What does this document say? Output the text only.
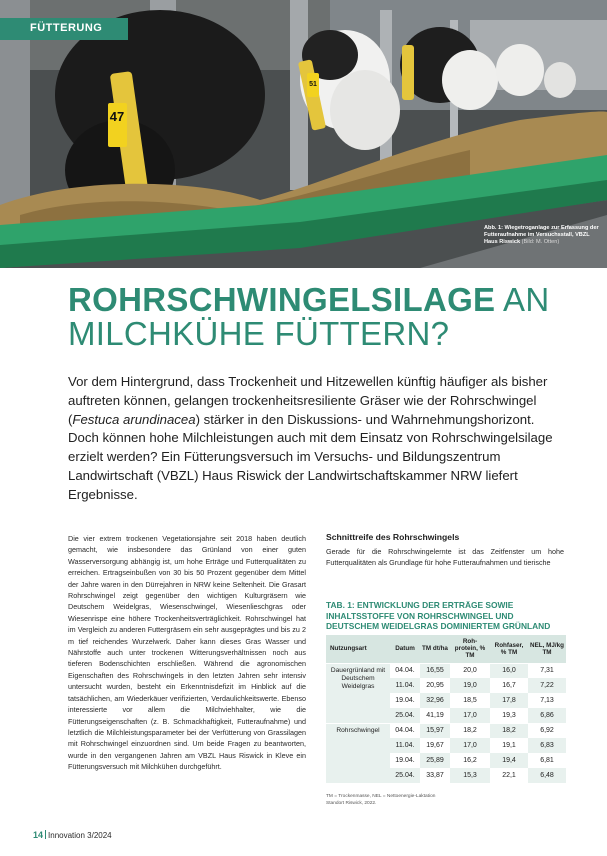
47
51
FÜTTERUNG
Abb. 1: Wiegetroganlage zur Erfassung der Futteraufnahme im Versuchsstall, VBZL Haus Riswick (Bild: M. Otten)
ROHRSCHWINGELSILAGE AN
MILCHKÜHE FÜTTERN?
Vor dem Hintergrund, dass Trockenheit und Hitzewellen künftig häufiger als bisher auftreten können, gelangen trockenheitsresiliente Gräser wie der Rohrschwingel (Festuca arundinacea) stärker in den Diskussions- und Wahrnehmungshorizont. Doch können hohe Milchleistungen auch mit dem Einsatz von Rohrschwingelsilage erzielt werden? Ein Fütterungsversuch im Versuchs- und Bildungszentrum Landwirtschaft (VBZL) Haus Riswick der Landwirtschaftskammer NRW liefert Ergebnisse.
Die vier extrem trockenen Vegetationsjahre seit 2018 haben deutlich gemacht, wie insbesondere das Grünland von einer guten Wasserversorgung abhängig ist, um hohe Erträge und Futterqualitäten zu erreichen. Ertragseinbußen von 30 bis 50 Prozent gegenüber dem Mittel der Jahre waren in den Dürrejahren in NRW keine Seltenheit. Die Grasart Rohrschwingel zeigt gegenüber den wichtigen Kulturgräsern wie Deutschem Weidelgras, Wiesenschwingel, Wiesenlieschgras oder Wiesenrispe eine höhere Trockenheitsverträglichkeit. Rohrschwingel hat im Vergleich zu anderen Futtergräsern ein sehr ausgeprägtes und bis zu 2 m tief reichendes Wurzelwerk. Daher kann dieses Gras Wasser und Nährstoffe auch unter trockenen Witterungsverhältnissen noch aus tieferen Bodenschichten erschließen. Während die agronomischen Eigenschaften des Rohrschwingels in den letzten Jahren sehr intensiv untersucht wurden, besteht ein Erkenntnisdefizit im Hinblick auf die tatsächlichen, am Wiederkäuer verifizierten, Verdaulichkeitswerte. Ebenso interessierte vor allem die Milchviehhalter, wie die Fütterungseigenschaften (z. B. Schmackhaftigkeit, Futteraufnahme) und letztlich die Milchleistungsparameter bei der Verfütterung von Grassilagen mit Rohrschwingel einzuordnen sind. Um beide Fragen zu beantworten, wurde in den vergangenen Jahren am VBZL Haus Riswick in Kleve ein Fütterungsversuch mit Milchkühen durchgeführt.
Schnittreife des Rohrschwingels
Gerade für die Rohrschwingelernte ist das Zeitfenster um hohe Futterqualitäten als Grundlage für hohe Futteraufnahmen und tierische
TAB. 1: ENTWICKLUNG DER ERTRÄGE SOWIE INHALTSSTOFFE VON ROHRSCHWINGEL UND DEUTSCHEM WEIDELGRAS DOMINIERTEM GRÜNLAND
Nutzungsart	Datum	TM dt/ha	Roh-protein, % TM	Rohfaser, % TM	NEL, MJ/kg TM
Dauergrünland mit Deutschem Weidelgras	04.04.	16,55	20,0	16,0	7,31
	11.04.	20,95	19,0	16,7	7,22
	19.04.	32,96	18,5	17,8	7,13
	25.04.	41,19	17,0	19,3	6,86
Rohrschwingel	04.04.	15,97	18,2	18,2	6,92
	11.04.	19,67	17,0	19,1	6,83
	19.04.	25,89	16,2	19,4	6,81
	25.04.	33,87	15,3	22,1	6,48
TM = Trockenmasse, NEL = Nettoenergie-Laktation
Standort Riswick, 2022.
14 Innovation 3/2024
